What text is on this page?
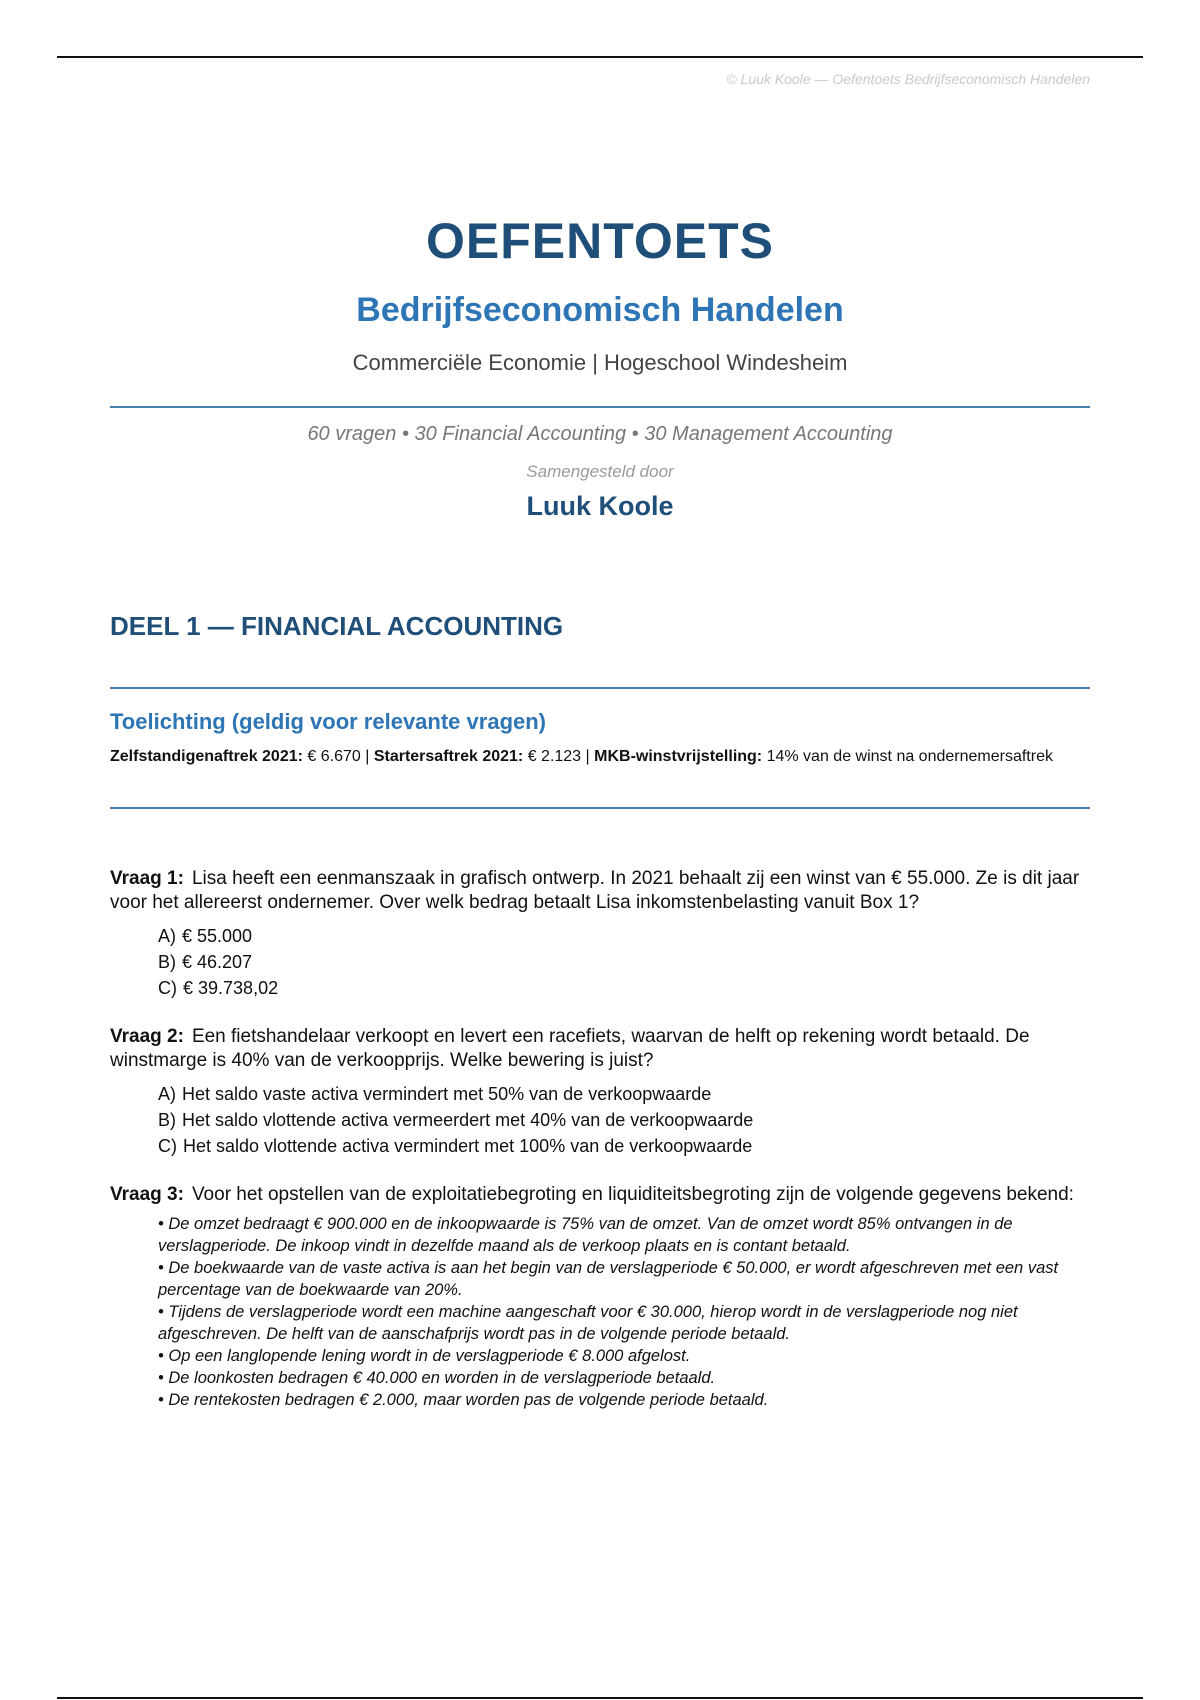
© Luuk Koole — Oefentoets Bedrijfseconomisch Handelen
OEFENTOETS
Bedrijfseconomisch Handelen
Commerciële Economie | Hogeschool Windesheim
60 vragen • 30 Financial Accounting • 30 Management Accounting
Samengesteld door
Luuk Koole
DEEL 1 — FINANCIAL ACCOUNTING
Toelichting (geldig voor relevante vragen)
Zelfstandigenaftrek 2021: € 6.670 | Startersaftrek 2021: € 2.123 | MKB-winstvrijstelling: 14% van de winst na ondernemersaftrek
Vraag 1: Lisa heeft een eenmanszaak in grafisch ontwerp. In 2021 behaalt zij een winst van € 55.000. Ze is dit jaar voor het allereerst ondernemer. Over welk bedrag betaalt Lisa inkomstenbelasting vanuit Box 1?
A) € 55.000
B) € 46.207
C) € 39.738,02
Vraag 2: Een fietshandelaar verkoopt en levert een racefiets, waarvan de helft op rekening wordt betaald. De winstmarge is 40% van de verkoopprijs. Welke bewering is juist?
A) Het saldo vaste activa vermindert met 50% van de verkoopwaarde
B) Het saldo vlottende activa vermeerdert met 40% van de verkoopwaarde
C) Het saldo vlottende activa vermindert met 100% van de verkoopwaarde
Vraag 3: Voor het opstellen van de exploitatiebegroting en liquiditeitsbegroting zijn de volgende gegevens bekend:
• De omzet bedraagt € 900.000 en de inkoopwaarde is 75% van de omzet. Van de omzet wordt 85% ontvangen in de verslagperiode. De inkoop vindt in dezelfde maand als de verkoop plaats en is contant betaald.
• De boekwaarde van de vaste activa is aan het begin van de verslagperiode € 50.000, er wordt afgeschreven met een vast percentage van de boekwaarde van 20%.
• Tijdens de verslagperiode wordt een machine aangeschaft voor € 30.000, hierop wordt in de verslagperiode nog niet afgeschreven. De helft van de aanschafprijs wordt pas in de volgende periode betaald.
• Op een langlopende lening wordt in de verslagperiode € 8.000 afgelost.
• De loonkosten bedragen € 40.000 en worden in de verslagperiode betaald.
• De rentekosten bedragen € 2.000, maar worden pas de volgende periode betaald.
